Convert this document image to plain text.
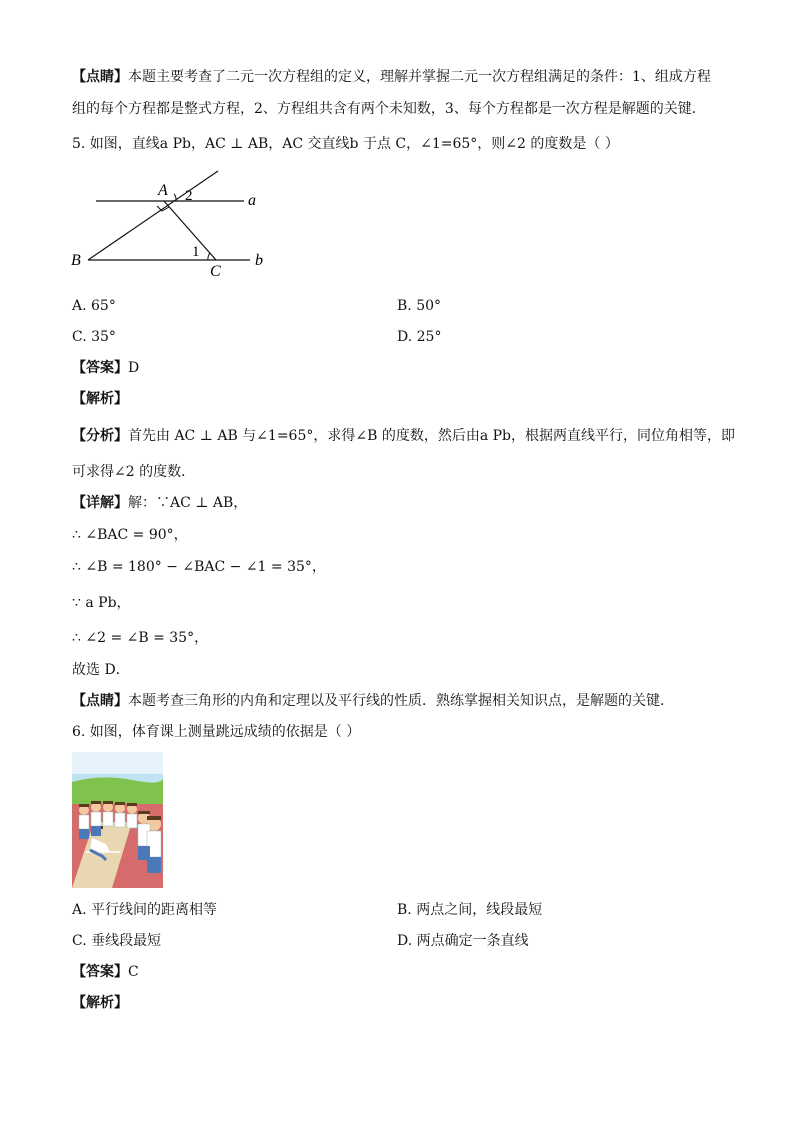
【点睛】本题主要考查了二元一次方程组的定义，理解并掌握二元一次方程组满足的条件：1、组成方程
组的每个方程都是整式方程，2、方程组共含有两个未知数，3、每个方程都是一次方程是解题的关键．
5. 如图，直线a Pb，AC ⊥ AB，AC 交直线b 于点 C，∠1=65°，则∠2 的度数是（ ）
A 2	a
B	1
C
b
A. 65°	B. 50°
C. 35°	D. 25°
【答案】D
【解析】
【分析】首先由 AC ⊥ AB 与∠1=65°，求得∠B 的度数，然后由a Pb，根据两直线平行，同位角相等，即
可求得∠2 的度数．
【详解】解：∵AC ⊥ AB，
∴ ∠BAC = 90°，
∴ ∠B = 180° − ∠BAC − ∠1 = 35°，
∵ a Pb，
∴ ∠2 = ∠B = 35°，
故选 D．
【点睛】本题考查三角形的内角和定理以及平行线的性质．熟练掌握相关知识点，是解题的关键．
6. 如图，体育课上测量跳远成绩的依据是（ ）
A. 平行线间的距离相等	B. 两点之间，线段最短
C. 垂线段最短	D. 两点确定一条直线
【答案】C
【解析】
